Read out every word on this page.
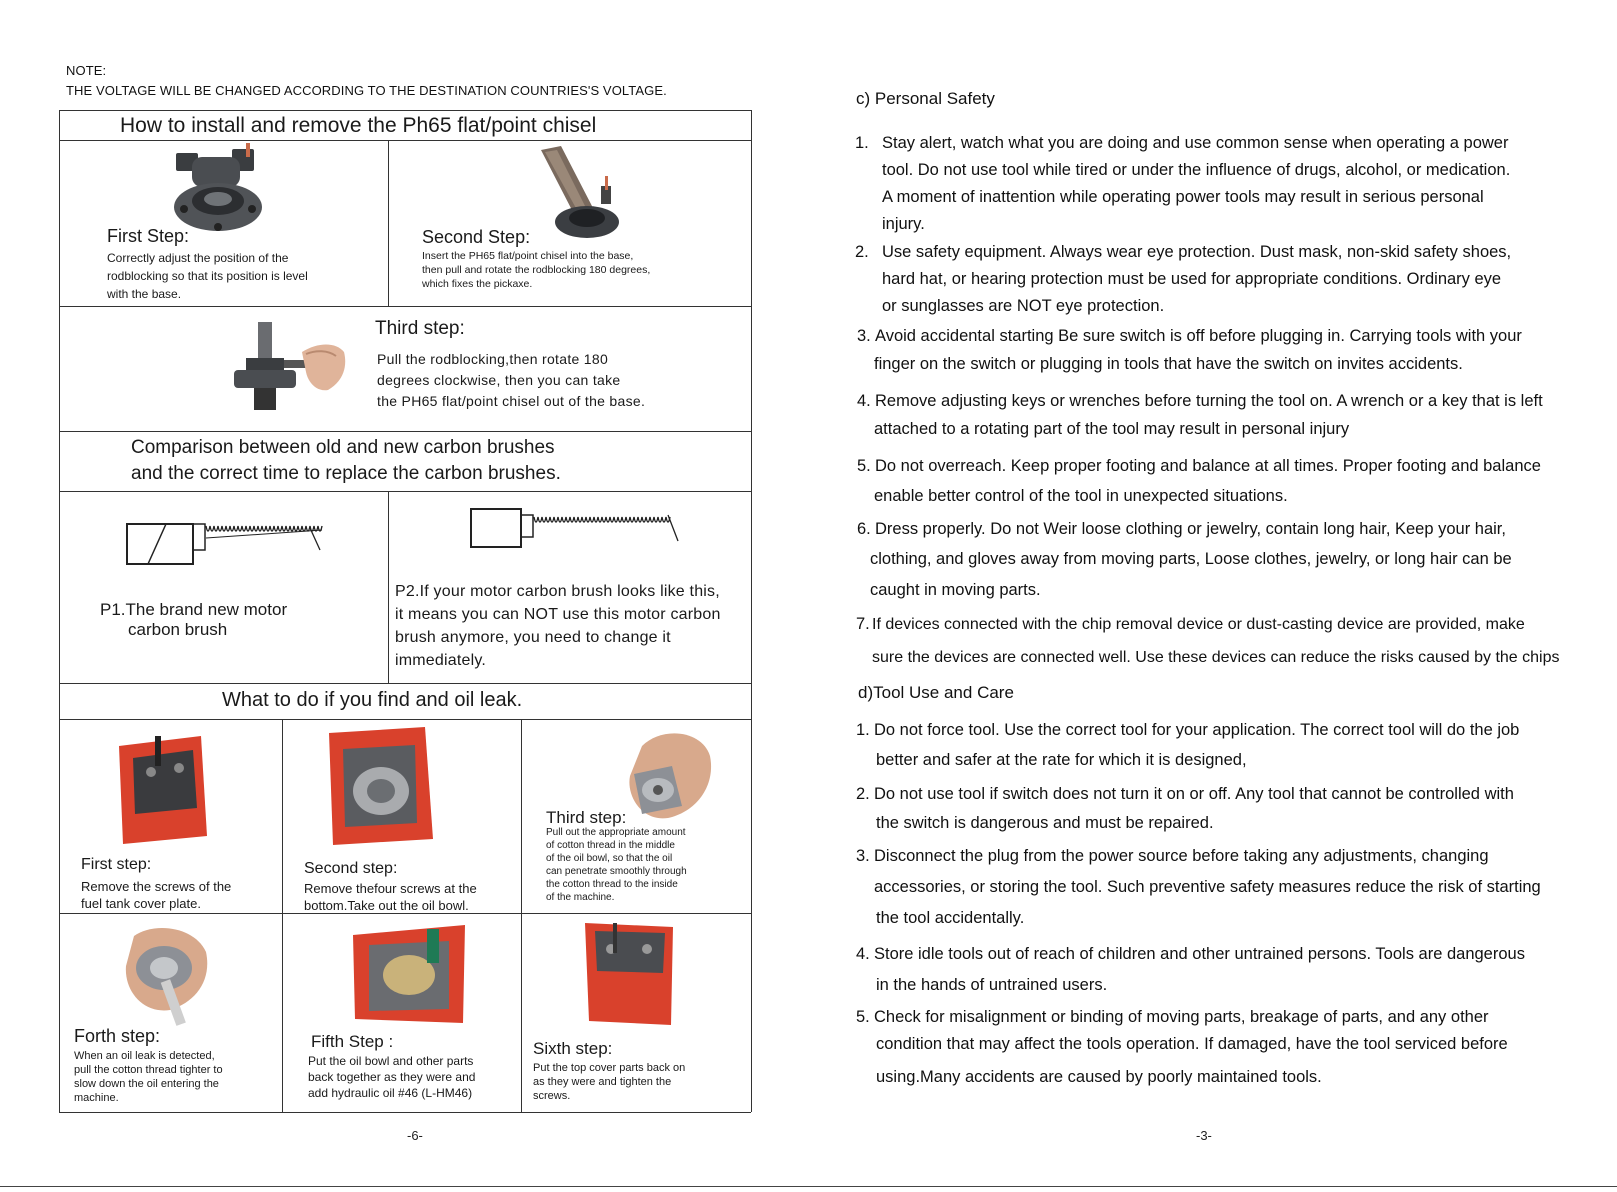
NOTE:
THE VOLTAGE WILL BE CHANGED ACCORDING TO THE DESTINATION COUNTRIES'S VOLTAGE.
How to install and remove the Ph65 flat/point chisel
First Step:
Correctly adjust the position of the
rodblocking so that its position is level
with the base.
Second Step:
Insert the PH65 flat/point chisel into the base,
then pull and rotate the rodblocking 180 degrees,
which fixes the pickaxe.
Third step:
Pull the rodblocking,then rotate 180
degrees clockwise, then you can take
the PH65 flat/point chisel out of the base.
Comparison between old and new carbon brushes
and the correct time to replace the carbon brushes.
P1.The brand new motor
carbon brush
P2.If your motor carbon brush looks like this,
it means you can NOT use this motor carbon
brush anymore, you need to change it
immediately.
What to do if you find and oil leak.
First step:
Remove the screws of the
fuel tank cover plate.
Second step:
Remove thefour screws at the
bottom.Take out the oil bowl.
Third step:
Pull out the appropriate amount
of cotton thread in the middle
of the oil bowl, so that the oil
can penetrate smoothly through
the cotton thread to the inside
of the machine.
Forth step:
When an oil leak is detected,
pull the cotton thread tighter to
slow down the oil entering the
machine.
Fifth Step :
Put the oil bowl and other parts
back together as they were and
add hydraulic oil #46 (L-HM46)
Sixth step:
Put the top cover parts back on
as they were and tighten the
screws.
-6-
c) Personal Safety
1. Stay alert, watch what you are doing and use common sense when operating a power
tool. Do not use tool while tired or under the influence of drugs, alcohol, or medication.
A moment of inattention while operating power tools may result in serious personal
injury.
2. Use safety equipment. Always wear eye protection. Dust mask, non-skid safety shoes,
hard hat, or hearing protection must be used for appropriate conditions. Ordinary eye
or sunglasses are NOT eye protection.
3. Avoid accidental starting Be sure switch is off before plugging in. Carrying tools with your
finger on the switch or plugging in tools that have the switch on invites accidents.
4. Remove adjusting keys or wrenches before turning the tool on. A wrench or a key that is left
attached to a rotating part of the tool may result in personal injury
5. Do not overreach. Keep proper footing and balance at all times. Proper footing and balance
enable better control of the tool in unexpected situations.
6. Dress properly. Do not Weir loose clothing or jewelry, contain long hair, Keep your hair,
clothing, and gloves away from moving parts, Loose clothes, jewelry, or long hair can be
caught in moving parts.
7. If devices connected with the chip removal device or dust-casting device are provided, make
sure the devices are connected well. Use these devices can reduce the risks caused by the chips
d)Tool Use and Care
1. Do not force tool. Use the correct tool for your application. The correct tool will do the job
better and safer at the rate for which it is designed,
2. Do not use tool if switch does not turn it on or off. Any tool that cannot be controlled with
the switch is dangerous and must be repaired.
3. Disconnect the plug from the power source before taking any adjustments, changing
accessories, or storing the tool. Such preventive safety measures reduce the risk of starting
the tool accidentally.
4. Store idle tools out of reach of children and other untrained persons. Tools are dangerous
in the hands of untrained users.
5. Check for misalignment or binding of moving parts, breakage of parts, and any other
condition that may affect the tools operation. If damaged, have the tool serviced before
using.Many accidents are caused by poorly maintained tools.
-3-
